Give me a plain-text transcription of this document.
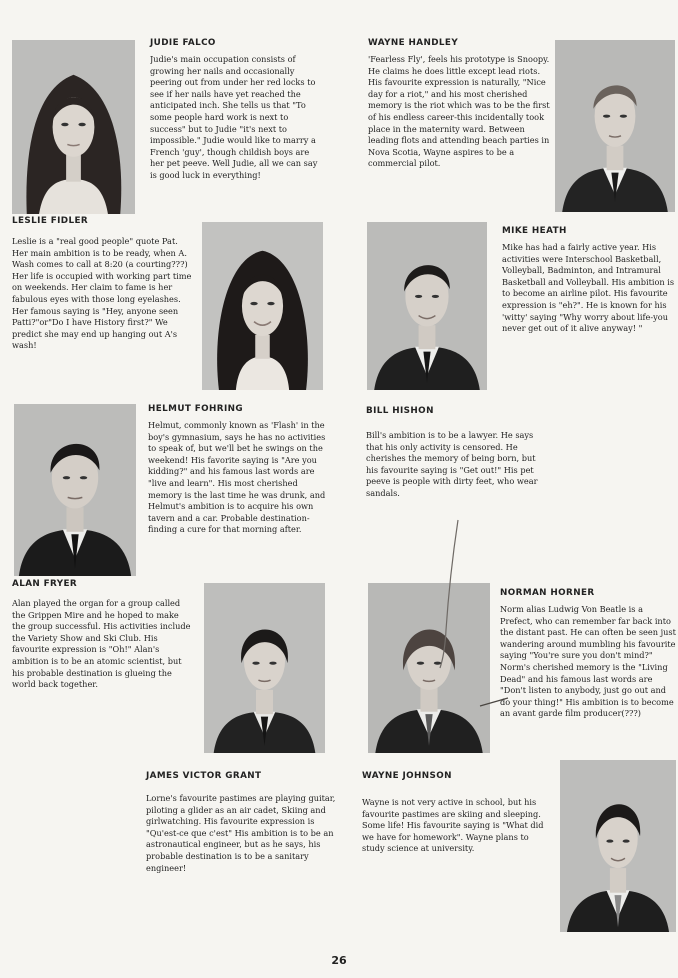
JUDIE FALCO

Judie's main occupation consists of growing her nails and occasionally peering out from under her red locks to see if her nails have yet reached the anticipated inch. She tells us that "To some people hard work is next to success" but to Judie "it's next to impossible." Judie would like to marry a French 'guy', though childish boys are her pet peeve. Well Judie, all we can say is good luck in everything!

WAYNE HANDLEY

'Fearless Fly', feels his prototype is Snoopy. He claims he does little except lead riots. His favourite expression is naturally, "Nice day for a riot," and his most cherished memory is the riot which was to be the first of his endless career-this incidentally took place in the maternity ward. Between leading flots and attending beach parties in Nova Scotia, Wayne aspires to be a commercial pilot.

LESLIE FIDLER

Leslie is a "real good people" quote Pat. Her main ambition is to be ready, when A. Wash comes to call at 8:20 (a courting???) Her life is occupied with working part time on weekends. Her claim to fame is her fabulous eyes with those long eyelashes. Her famous saying is "Hey, anyone seen Patti?"or"Do I have History first?" We predict she may end up hanging out A's wash!

MIKE HEATH

Mike has had a fairly active year. His activities were Interschool Basketball, Volleyball, Badminton, and Intramural Basketball and Volleyball. His ambition is to become an airline pilot. His favourite expression is "eh?". He is known for his 'witty' saying "Why worry about life-you never get out of it alive anyway! "

HELMUT FOHRING

Helmut, commonly known as 'Flash' in the boy's gymnasium, says he has no activities to speak of, but we'll bet he swings on the weekend! His favorite saying is "Are you kidding?" and his famous last words are "live and learn". His most cherished memory is the last time he was drunk, and Helmut's ambition is to acquire his own tavern and a car. Probable destination- finding a cure for that morning after.

BILL HISHON

Bill's ambition is to be a lawyer. He says that his only activity is censored. He cherishes the memory of being born, but his favourite saying is "Get out!" His pet peeve is people with dirty feet, who wear sandals.

ALAN FRYER

Alan played the organ for a group called the Grippen Mire and he hoped to make the group successful. His activities include the Variety Show and Ski Club. His favourite expression is "Oh!" Alan's ambition is to be an atomic scientist, but his probable destination is glueing the world back together.

NORMAN HORNER

Norm alias Ludwig Von Beatle is a Prefect, who can remember far back into the distant past. He can often be seen just wandering around mumbling his favourite saying "You're sure you don't mind?" Norm's cherished memory is the "Living Dead" and his famous last words are "Don't listen to anybody, just go out and do your thing!" His ambition is to become an avant garde film producer(???)

JAMES VICTOR GRANT

Lorne's favourite pastimes are playing guitar, piloting a glider as an air cadet, Skiing and girlwatching. His favourite expression is "Qu'est-ce que c'est" His ambition is to be an astronautical engineer, but as he says, his probable destination is to be a sanitary engineer!

WAYNE JOHNSON

Wayne is not very active in school, but his favourite pastimes are skiing and sleeping. Some life! His favourite saying is "What did we have for homework". Wayne plans to study science at university.

26
